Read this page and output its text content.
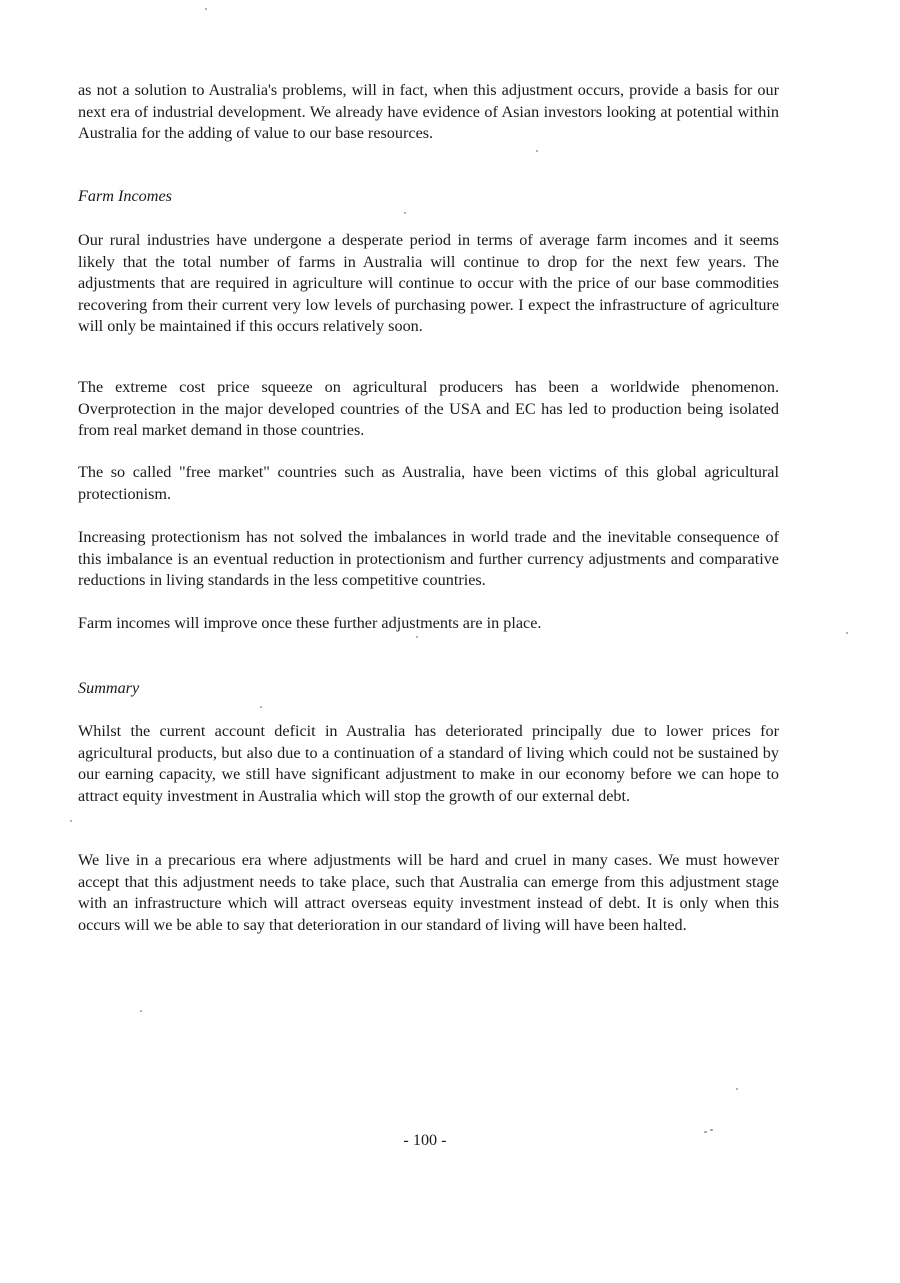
as not a solution to Australia's problems, will in fact, when this adjustment occurs, provide a basis for our next era of industrial development. We already have evidence of Asian investors looking at potential within Australia for the adding of value to our base resources.

Farm Incomes

Our rural industries have undergone a desperate period in terms of average farm incomes and it seems likely that the total number of farms in Australia will continue to drop for the next few years. The adjustments that are required in agriculture will continue to occur with the price of our base commodities recovering from their current very low levels of purchasing power. I expect the infrastructure of agriculture will only be maintained if this occurs relatively soon.

The extreme cost price squeeze on agricultural producers has been a worldwide phenomenon. Overprotection in the major developed countries of the USA and EC has led to production being isolated from real market demand in those countries.

The so called "free market" countries such as Australia, have been victims of this global agricultural protectionism.

Increasing protectionism has not solved the imbalances in world trade and the inevitable consequence of this imbalance is an eventual reduction in protectionism and further currency adjustments and comparative reductions in living standards in the less competitive countries.

Farm incomes will improve once these further adjustments are in place.

Summary

Whilst the current account deficit in Australia has deteriorated principally due to lower prices for agricultural products, but also due to a continuation of a standard of living which could not be sustained by our earning capacity, we still have significant adjustment to make in our economy before we can hope to attract equity investment in Australia which will stop the growth of our external debt.

We live in a precarious era where adjustments will be hard and cruel in many cases. We must however accept that this adjustment needs to take place, such that Australia can emerge from this adjustment stage with an infrastructure which will attract overseas equity investment instead of debt. It is only when this occurs will we be able to say that deterioration in our standard of living will have been halted.

- 100 -
